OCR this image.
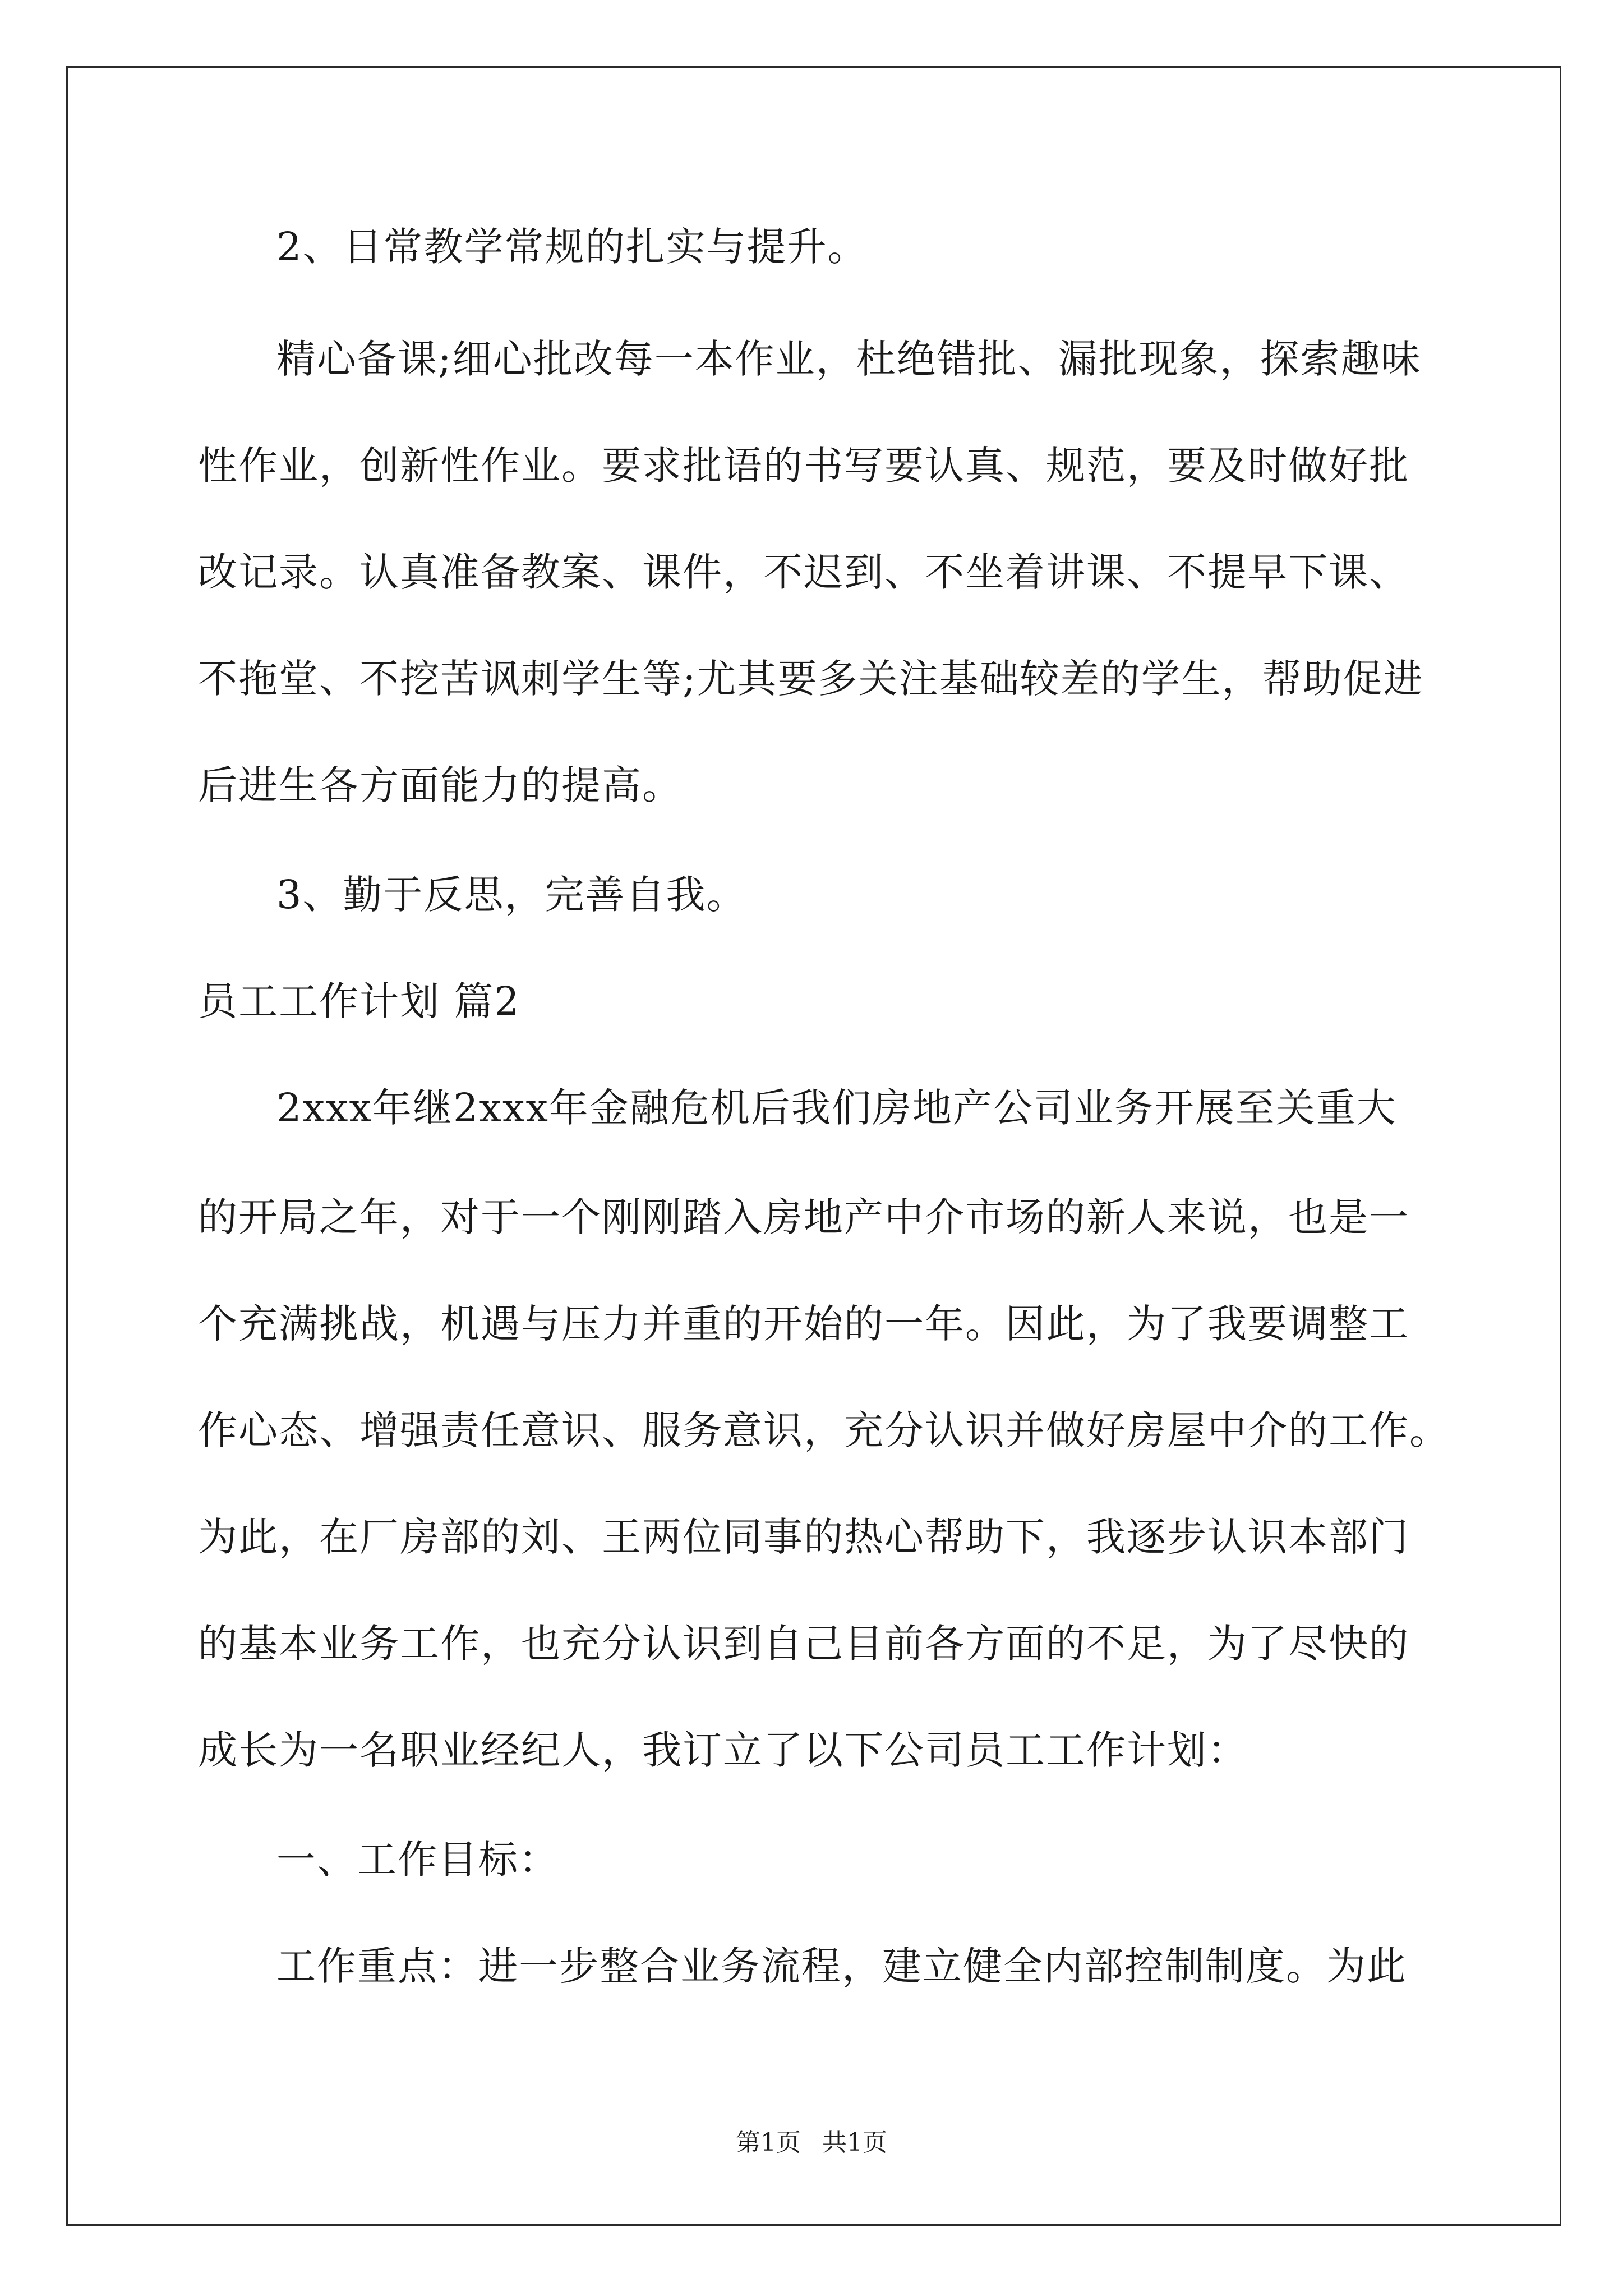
2、日常教学常规的扎实与提升。
精心备课;细心批改每一本作业，杜绝错批、漏批现象，探索趣味
性作业，创新性作业。要求批语的书写要认真、规范，要及时做好批
改记录。认真准备教案、课件，不迟到、不坐着讲课、不提早下课、
不拖堂、不挖苦讽刺学生等;尤其要多关注基础较差的学生，帮助促进
后进生各方面能力的提高。
3、勤于反思，完善自我。
员工工作计划 篇2
2xxx年继2xxx年金融危机后我们房地产公司业务开展至关重大
的开局之年，对于一个刚刚踏入房地产中介市场的新人来说，也是一
个充满挑战，机遇与压力并重的开始的一年。因此，为了我要调整工
作心态、增强责任意识、服务意识，充分认识并做好房屋中介的工作。
为此，在厂房部的刘、王两位同事的热心帮助下，我逐步认识本部门
的基本业务工作，也充分认识到自己目前各方面的不足，为了尽快的
成长为一名职业经纪人，我订立了以下公司员工工作计划：
一、工作目标：
工作重点：进一步整合业务流程，建立健全内部控制制度。为此
第1页 共1页
